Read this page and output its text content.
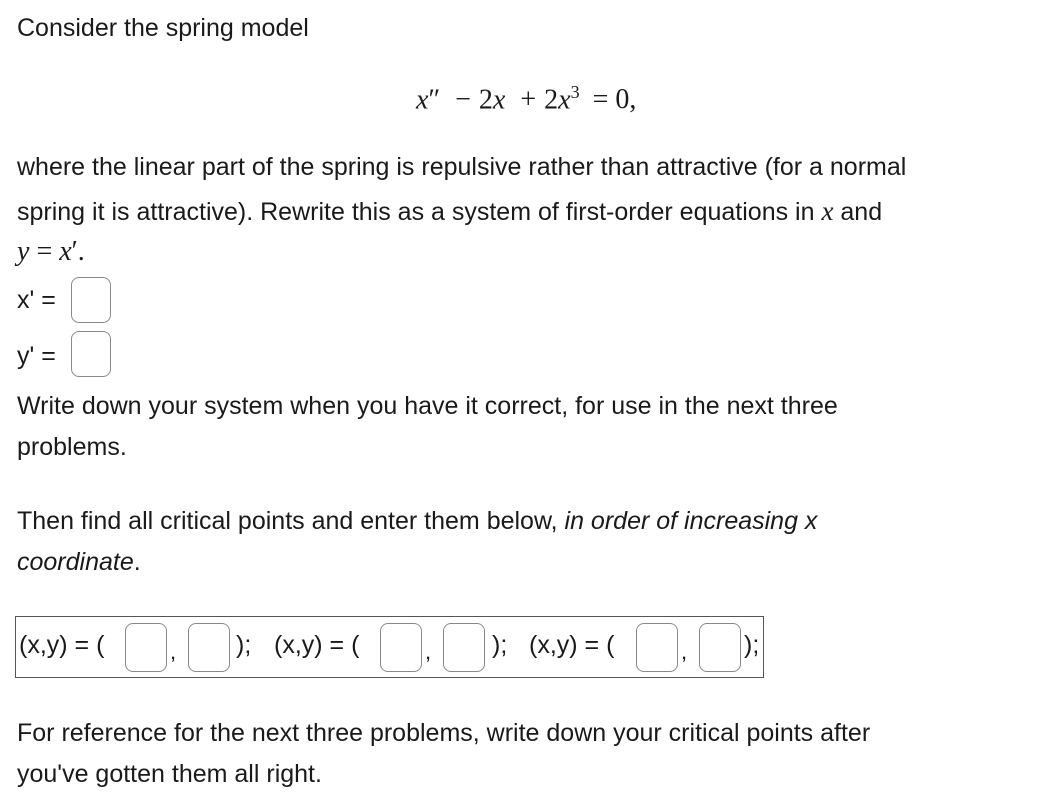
Consider the spring model
$x'' - 2x + 2x^3 = 0$,
where the linear part of the spring is repulsive rather than attractive (for a normal
spring it is attractive). Rewrite this as a system of first-order equations in x and
y = x′.
x' =
y' =
Write down your system when you have it correct, for use in the next three
problems.
Then find all critical points and enter them below, in order of increasing x
coordinate.
(x,y) = (	, ); (x,y) = (	, ); (x,y) = (	, );
For reference for the next three problems, write down your critical points after
you've gotten them all right.
